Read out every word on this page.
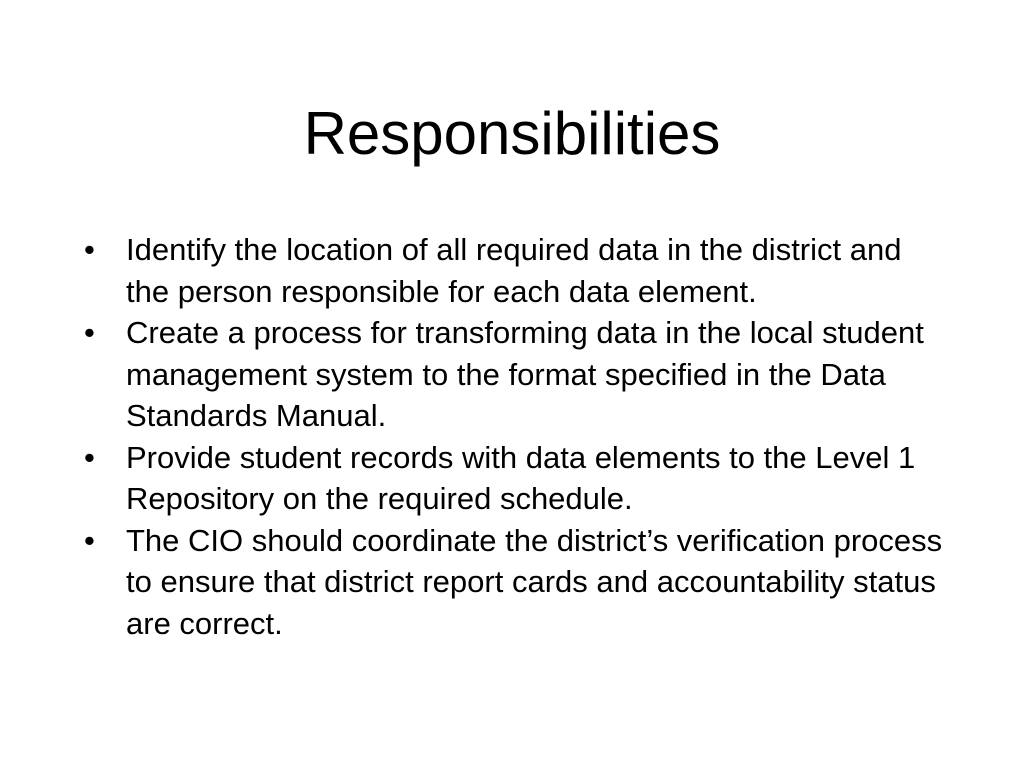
Responsibilities
• Identify the location of all required data in the district and the person responsible for each data element.
• Create a process for transforming data in the local student management system to the format specified in the Data Standards Manual.
• Provide student records with data elements to the Level 1 Repository on the required schedule.
• The CIO should coordinate the district’s verification process to ensure that district report cards and accountability status are correct.
